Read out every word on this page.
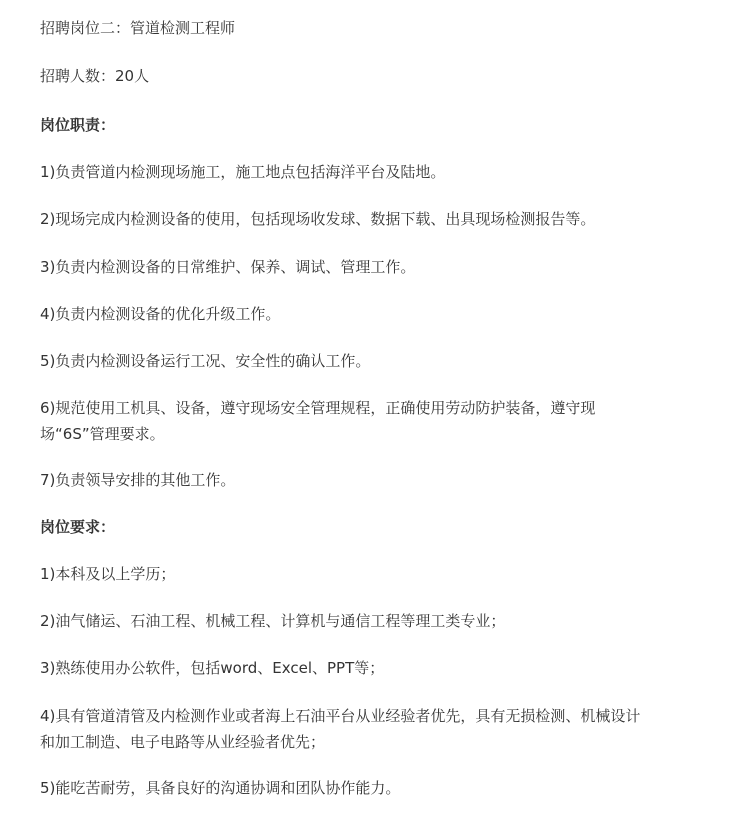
招聘岗位二：管道检测工程师
招聘人数：20人
岗位职责：
1)负责管道内检测现场施工，施工地点包括海洋平台及陆地。
2)现场完成内检测设备的使用，包括现场收发球、数据下载、出具现场检测报告等。
3)负责内检测设备的日常维护、保养、调试、管理工作。
4)负责内检测设备的优化升级工作。
5)负责内检测设备运行工况、安全性的确认工作。
6)规范使用工机具、设备，遵守现场安全管理规程，正确使用劳动防护装备，遵守现场“6S”管理要求。
7)负责领导安排的其他工作。
岗位要求：
1)本科及以上学历；
2)油气储运、石油工程、机械工程、计算机与通信工程等理工类专业；
3)熟练使用办公软件，包括word、Excel、PPT等；
4)具有管道清管及内检测作业或者海上石油平台从业经验者优先，具有无损检测、机械设计和加工制造、电子电路等从业经验者优先；
5)能吃苦耐劳，具备良好的沟通协调和团队协作能力。
